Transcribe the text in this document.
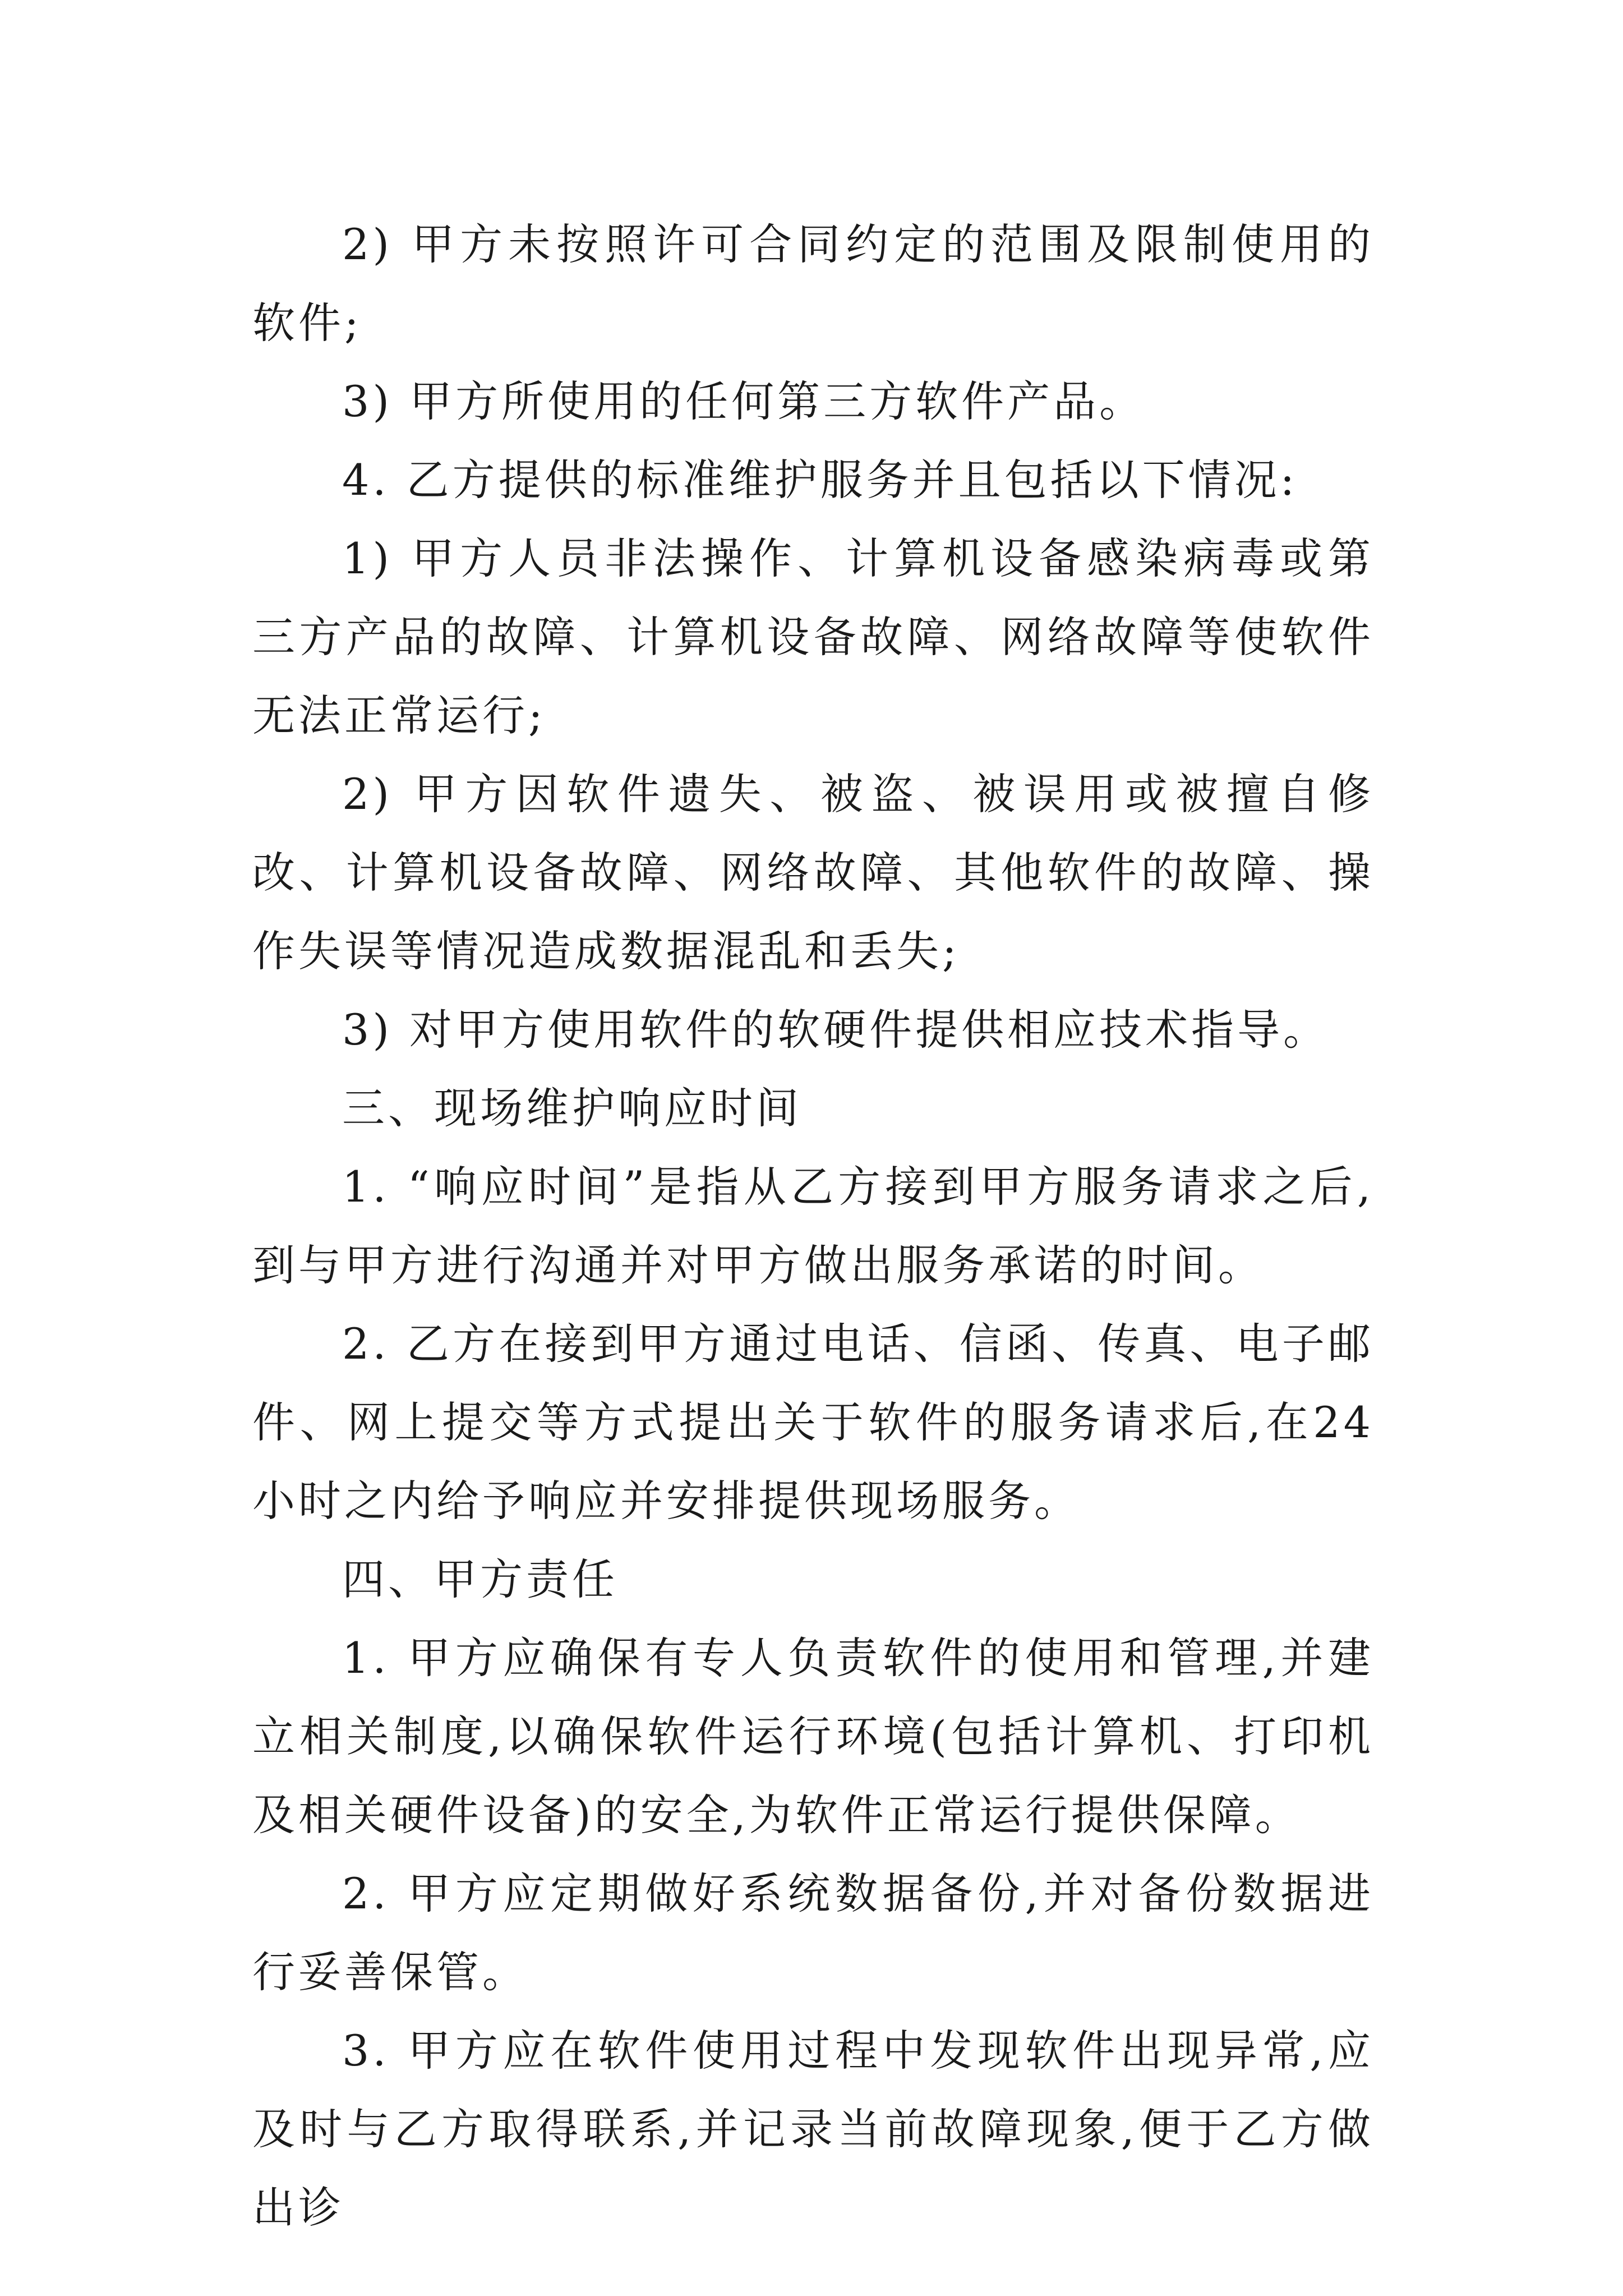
2) 甲方未按照许可合同约定的范围及限制使用的软件;

3) 甲方所使用的任何第三方软件产品。

4. 乙方提供的标准维护服务并且包括以下情况:

1) 甲方人员非法操作、计算机设备感染病毒或第三方产品的故障、计算机设备故障、网络故障等使软件无法正常运行;

2) 甲方因软件遗失、被盗、被误用或被擅自修改、计算机设备故障、网络故障、其他软件的故障、操作失误等情况造成数据混乱和丢失;

3) 对甲方使用软件的软硬件提供相应技术指导。

三、现场维护响应时间

1. “响应时间”是指从乙方接到甲方服务请求之后,到与甲方进行沟通并对甲方做出服务承诺的时间。

2. 乙方在接到甲方通过电话、信函、传真、电子邮件、网上提交等方式提出关于软件的服务请求后,在24小时之内给予响应并安排提供现场服务。

四、甲方责任

1. 甲方应确保有专人负责软件的使用和管理,并建立相关制度,以确保软件运行环境(包括计算机、打印机及相关硬件设备)的安全,为软件正常运行提供保障。

2. 甲方应定期做好系统数据备份,并对备份数据进行妥善保管。

3. 甲方应在软件使用过程中发现软件出现异常,应及时与乙方取得联系,并记录当前故障现象,便于乙方做出诊
